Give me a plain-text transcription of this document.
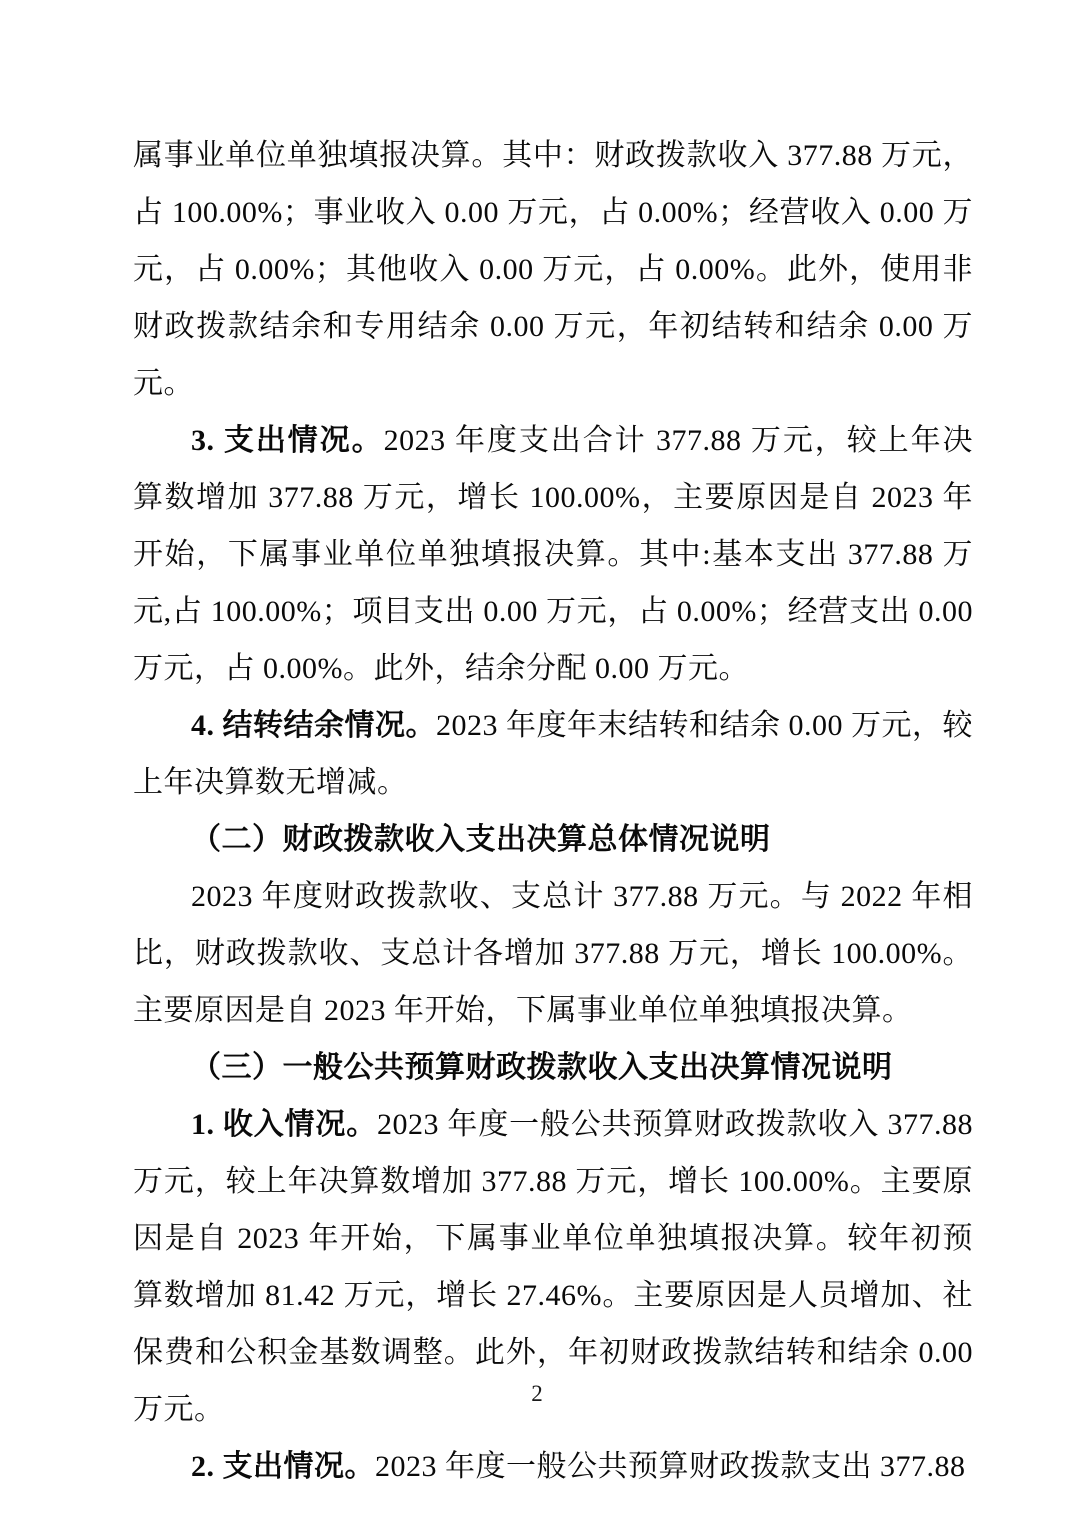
属事业单位单独填报决算。其中：财政拨款收入 377.88 万元，占 100.00%；事业收入 0.00 万元，占 0.00%；经营收入 0.00 万元，占 0.00%；其他收入 0.00 万元，占 0.00%。此外，使用非财政拨款结余和专用结余 0.00 万元，年初结转和结余 0.00 万元。

3. 支出情况。2023 年度支出合计 377.88 万元，较上年决算数增加 377.88 万元，增长 100.00%，主要原因是自 2023 年开始，下属事业单位单独填报决算。其中:基本支出 377.88 万元,占 100.00%；项目支出 0.00 万元，占 0.00%；经营支出 0.00 万元，占 0.00%。此外，结余分配 0.00 万元。

4. 结转结余情况。2023 年度年末结转和结余 0.00 万元，较上年决算数无增减。

（二）财政拨款收入支出决算总体情况说明

2023 年度财政拨款收、支总计 377.88 万元。与 2022 年相比，财政拨款收、支总计各增加 377.88 万元，增长 100.00%。主要原因是自 2023 年开始，下属事业单位单独填报决算。

（三）一般公共预算财政拨款收入支出决算情况说明

1. 收入情况。2023 年度一般公共预算财政拨款收入 377.88 万元，较上年决算数增加 377.88 万元，增长 100.00%。主要原因是自 2023 年开始，下属事业单位单独填报决算。较年初预算数增加 81.42 万元，增长 27.46%。主要原因是人员增加、社保费和公积金基数调整。此外，年初财政拨款结转和结余 0.00 万元。

2. 支出情况。2023 年度一般公共预算财政拨款支出 377.88

2
